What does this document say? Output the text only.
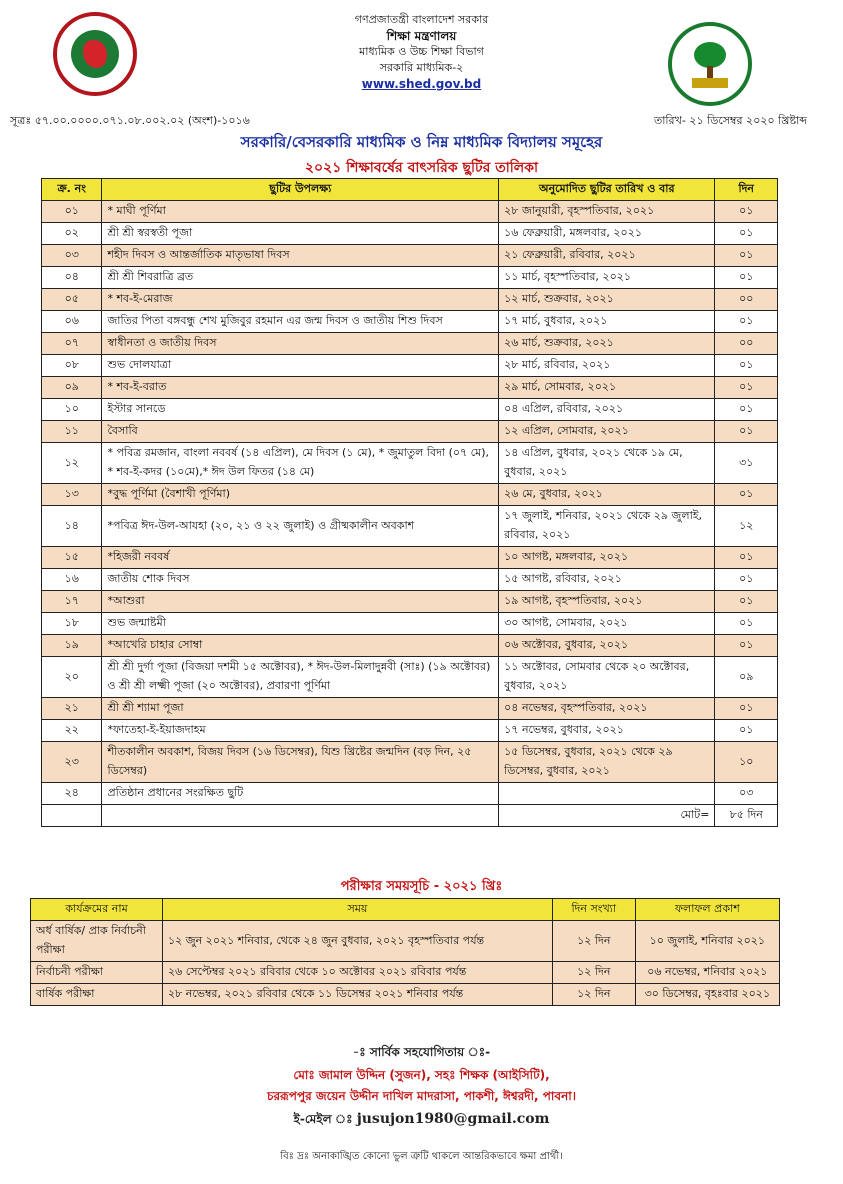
গণপ্রজাতন্ত্রী বাংলাদেশ সরকার
শিক্ষা মন্ত্রণালয়
মাধ্যমিক ও উচ্চ শিক্ষা বিভাগ
সরকারি মাধ্যমিক-২
www.shed.gov.bd
সূত্রঃ ৫৭.০০.০০০০.০৭১.০৮.০০২.০২ (অংশ)-১০১৬	তারিখ- ২১ ডিসেম্বর ২০২০ খ্রিষ্টাব্দ
সরকারি/বেসরকারি মাধ্যমিক ও নিম্ন মাধ্যমিক বিদ্যালয় সমূহের
২০২১ শিক্ষাবর্ষের বাৎসরিক ছুটির তালিকা
ক্র. নং	ছুটির উপলক্ষ্য	অনুমোদিত ছুটির তারিখ ও বার	দিন
০১	* মাঘী পূর্ণিমা	২৮ জানুয়ারী, বৃহস্পতিবার, ২০২১	০১
০২	শ্রী শ্রী স্বরস্বতী পূজা	১৬ ফেব্রুয়ারী, মঙ্গলবার, ২০২১	০১
০৩	শহীদ দিবস ও আন্তর্জাতিক মাতৃভাষা দিবস	২১ ফেব্রুয়ারী, রবিবার, ২০২১	০১
০৪	শ্রী শ্রী শিবরাত্রি ব্রত	১১ মার্চ, বৃহস্পতিবার, ২০২১	০১
০৫	* শব-ই-মেরাজ	১২ মার্চ, শুক্রবার, ২০২১	০০
০৬	জাতির পিতা বঙ্গবন্ধু শেখ মুজিবুর রহমান এর জন্ম দিবস ও জাতীয় শিশু দিবস	১৭ মার্চ, বুধবার, ২০২১	০১
০৭	স্বাধীনতা ও জাতীয় দিবস	২৬ মার্চ, শুক্রবার, ২০২১	০০
০৮	শুভ দোলযাত্রা	২৮ মার্চ, রবিবার, ২০২১	০১
০৯	* শব-ই-বরাত	২৯ মার্চ, সোমবার, ২০২১	০১
১০	ইস্টার সানডে	০৪ এপ্রিল, রবিবার, ২০২১	০১
১১	বৈসাবি	১২ এপ্রিল, সোমবার, ২০২১	০১
১২	* পবিত্র রমজান, বাংলা নববর্ষ (১৪ এপ্রিল), মে দিবস (১ মে), * জুমাতুল বিদা (০৭ মে), * শব-ই-কদর (১০মে),* ঈদ উল ফিতর (১৪ মে)	১৪ এপ্রিল, বুধবার, ২০২১ থেকে ১৯ মে, বুধবার, ২০২১	৩১
১৩	*বুদ্ধ পূর্ণিমা (বৈশাখী পূর্ণিমা)	২৬ মে, বুধবার, ২০২১	০১
১৪	*পবিত্র ঈদ-উল-আযহা (২০, ২১ ও ২২ জুলাই) ও গ্রীষ্মকালীন অবকাশ	১৭ জুলাই, শনিবার, ২০২১ থেকে ২৯ জুলাই, রবিবার, ২০২১	১২
১৫	*হিজরী নববর্ষ	১০ আগষ্ট, মঙ্গলবার, ২০২১	০১
১৬	জাতীয় শোক দিবস	১৫ আগষ্ট, রবিবার, ২০২১	০১
১৭	*আশুরা	১৯ আগষ্ট, বৃহস্পতিবার, ২০২১	০১
১৮	শুভ জন্মাষ্টমী	৩০ আগষ্ট, সোমবার, ২০২১	০১
১৯	*আখেরি চাহার সোম্বা	০৬ অক্টোবর, বুধবার, ২০২১	০১
২০	শ্রী শ্রী দুর্গা পূজা (বিজয়া দশমী ১৫ অক্টোবর), * ঈদ-উল-মিলাদুন্নবী (সাঃ) (১৯ অক্টোবর) ও শ্রী শ্রী লক্ষ্মী পূজা (২০ অক্টোবর), প্রবারণা পূর্ণিমা	১১ অক্টোবর, সোমবার থেকে ২০ অক্টোবর, বুধবার, ২০২১	০৯
২১	শ্রী শ্রী শ্যামা পূজা	০৪ নভেম্বর, বৃহস্পতিবার, ২০২১	০১
২২	*ফাতেহা-ই-ইয়াজদাহম	১৭ নভেম্বর, বুধবার, ২০২১	০১
২৩	শীতকালীন অবকাশ, বিজয় দিবস (১৬ ডিসেম্বর), যিশু খ্রিষ্টের জন্মদিন (বড় দিন, ২৫ ডিসেম্বর)	১৫ ডিসেম্বর, বুধবার, ২০২১ থেকে ২৯ ডিসেম্বর, বুধবার, ২০২১	১০
২৪	প্রতিষ্ঠান প্রধানের সংরক্ষিত ছুটি		০৩
		মোট=	৮৫ দিন
পরীক্ষার সময়সূচি - ২০২১ খ্রিঃ
কার্যক্রমের নাম	সময়	দিন সংখ্যা	ফলাফল প্রকাশ
অর্ধ বার্ষিক/ প্রাক নির্বাচনী পরীক্ষা	১২ জুন ২০২১ শনিবার, থেকে ২৪ জুন বুধবার, ২০২১ বৃহস্পতিবার পর্যন্ত	১২ দিন	১০ জুলাই, শনিবার ২০২১
নির্বাচনী পরীক্ষা	২৬ সেপ্টেম্বর ২০২১ রবিবার থেকে ১০ অক্টোবর ২০২১ রবিবার পর্যন্ত	১২ দিন	০৬ নভেম্বর, শনিবার ২০২১
বার্ষিক পরীক্ষা	২৮ নভেম্বর, ২০২১ রবিবার থেকে ১১ ডিসেম্বর ২০২১ শনিবার পর্যন্ত	১২ দিন	৩০ ডিসেম্বর, বৃহঃবার ২০২১
-ঃ সার্বিক সহযোগিতায় ঃ-
মোঃ জামাল উদ্দিন (সুজন), সহঃ শিক্ষক (আইসিটি),
চররূপপুর জয়েন উদ্দীন দাখিল মাদরাসা, পাকশী, ঈশ্বরদী, পাবনা।
ই-মেইল ঃ jusujon1980@gmail.com
বিঃ দ্রঃ অনাকাঙ্খিত কোনো ভুল ত্রুটি থাকলে আন্তরিকভাবে ক্ষমা প্রার্থী।
